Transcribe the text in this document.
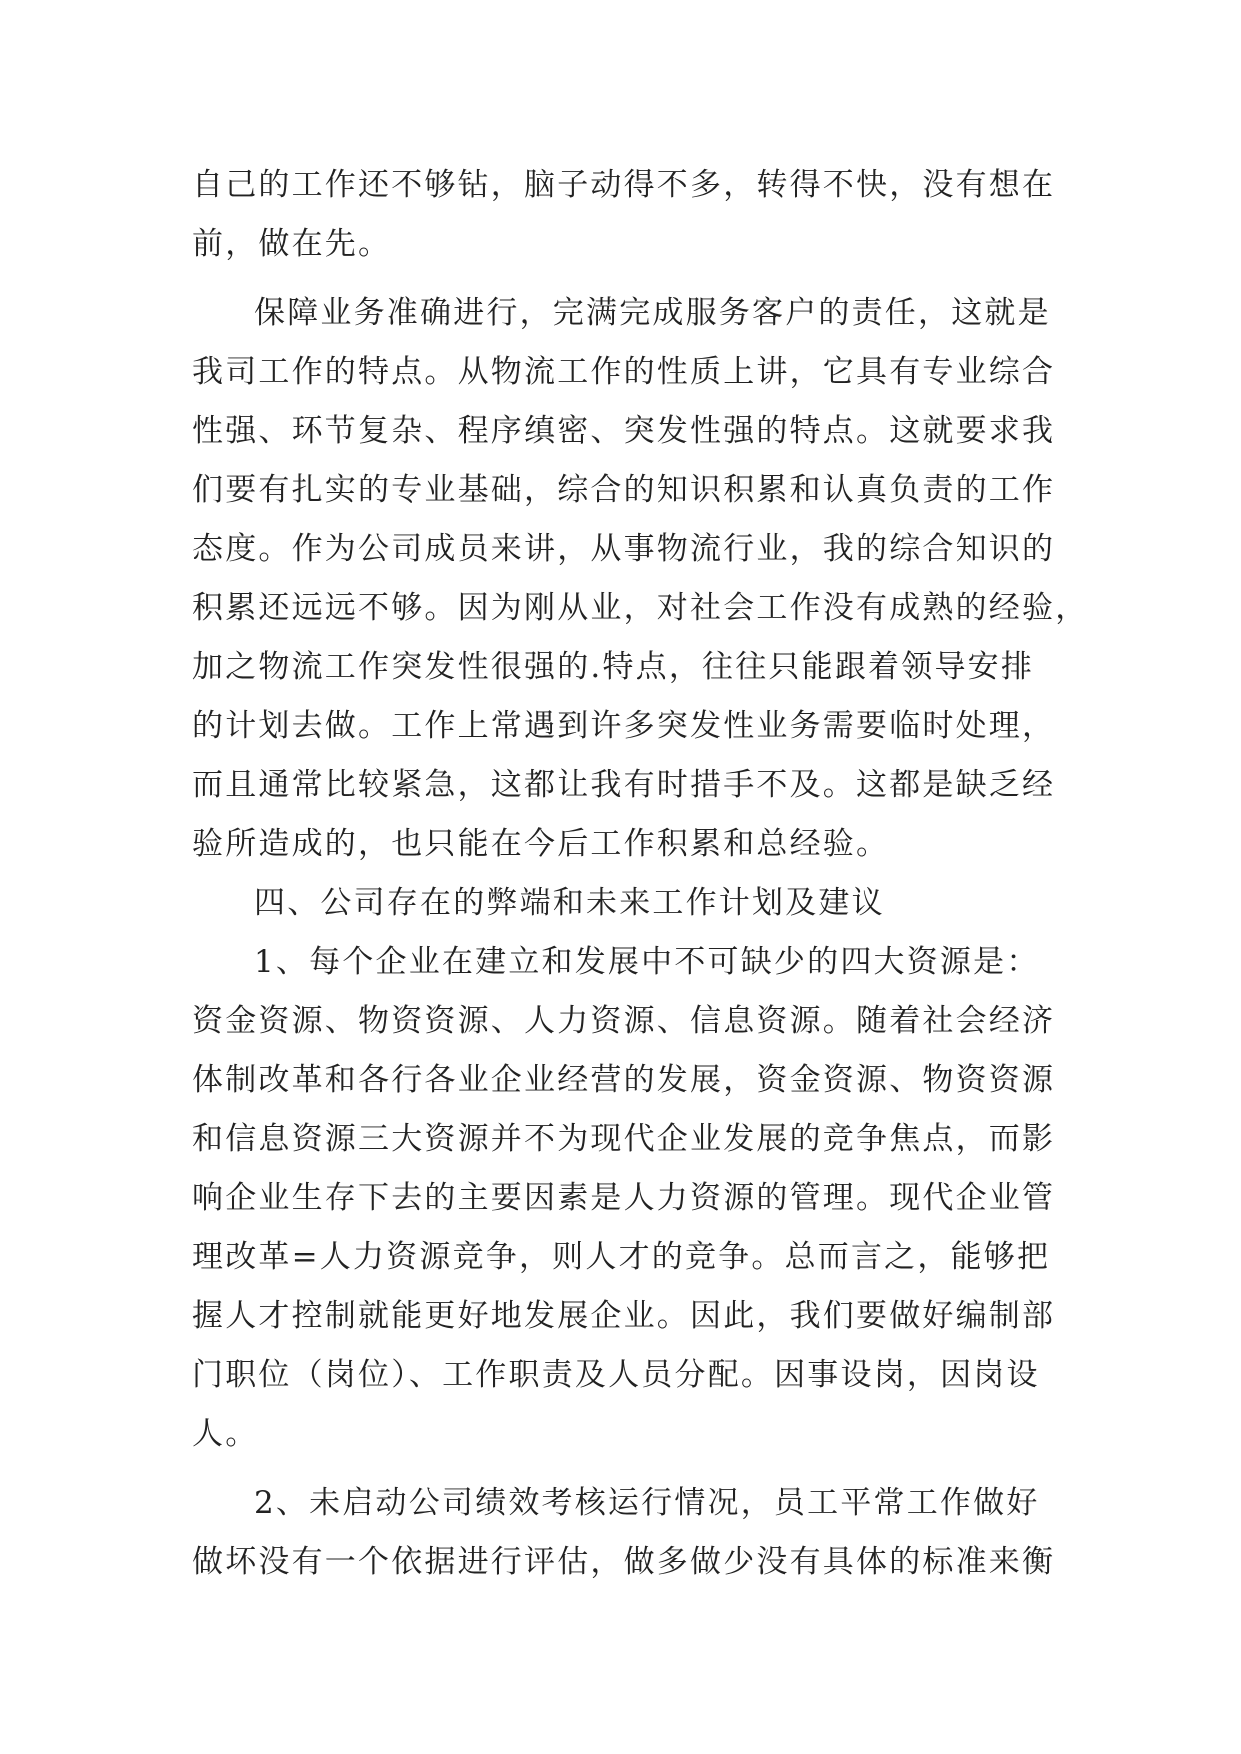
自己的工作还不够钻，脑子动得不多，转得不快，没有想在
前，做在先。
保障业务准确进行，完满完成服务客户的责任，这就是
我司工作的特点。从物流工作的性质上讲，它具有专业综合
性强、环节复杂、程序缜密、突发性强的特点。这就要求我
们要有扎实的专业基础，综合的知识积累和认真负责的工作
态度。作为公司成员来讲，从事物流行业，我的综合知识的
积累还远远不够。因为刚从业，对社会工作没有成熟的经验，
加之物流工作突发性很强的.特点，往往只能跟着领导安排
的计划去做。工作上常遇到许多突发性业务需要临时处理，
而且通常比较紧急，这都让我有时措手不及。这都是缺乏经
验所造成的，也只能在今后工作积累和总经验。
四、公司存在的弊端和未来工作计划及建议
1、每个企业在建立和发展中不可缺少的四大资源是：
资金资源、物资资源、人力资源、信息资源。随着社会经济
体制改革和各行各业企业经营的发展，资金资源、物资资源
和信息资源三大资源并不为现代企业发展的竞争焦点，而影
响企业生存下去的主要因素是人力资源的管理。现代企业管
理改革=人力资源竞争，则人才的竞争。总而言之，能够把
握人才控制就能更好地发展企业。因此，我们要做好编制部
门职位（岗位）、工作职责及人员分配。因事设岗，因岗设
人。
2、未启动公司绩效考核运行情况，员工平常工作做好
做坏没有一个依据进行评估，做多做少没有具体的标准来衡
